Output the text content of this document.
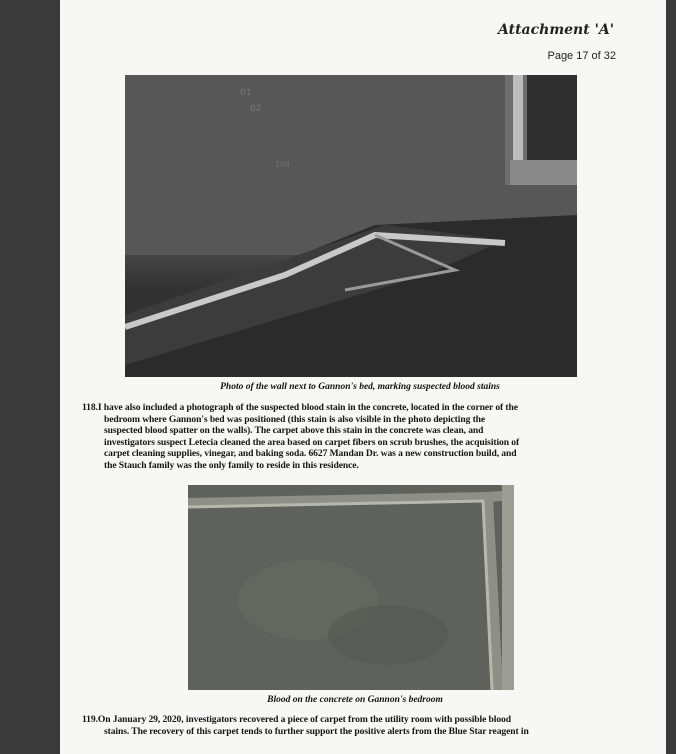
Attachment 'A'
Page 17 of 32
01
02
104
Photo of the wall next to Gannon's bed, marking suspected blood stains

118.I have also included a photograph of the suspected blood stain in the concrete, located in the corner of the

bedroom where Gannon's bed was positioned (this stain is also visible in the photo depicting the

suspected blood spatter on the walls). The carpet above this stain in the concrete was clean, and

investigators suspect Letecia cleaned the area based on carpet fibers on scrub brushes, the acquisition of

carpet cleaning supplies, vinegar, and baking soda. 6627 Mandan Dr. was a new construction build, and

the Stauch family was the only family to reside in this residence.

Blood on the concrete on Gannon's bedroom

119.On January 29, 2020, investigators recovered a piece of carpet from the utility room with possible blood

stains. The recovery of this carpet tends to further support the positive alerts from the Blue Star reagent in
